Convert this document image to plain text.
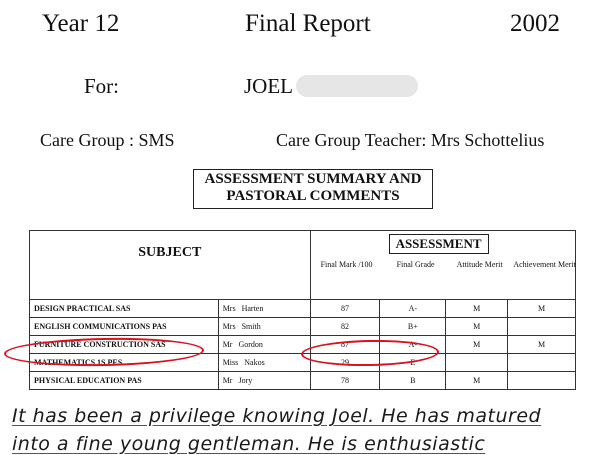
Year 12	Final Report	2002
For:	JOEL
Care Group : SMS	Care Group Teacher: Mrs Schottelius
ASSESSMENT SUMMARY AND
PASTORAL COMMENTS
SUBJECT		ASSESSMENT
Final Mark /100 Final Grade Attitude Merit Achievement Merit			

DESIGN PRACTICAL SAS	Mrs Harten	87	A-	M	M
ENGLISH COMMUNICATIONS PAS	Mrs Smith	82	B+	M	
FURNITURE CONSTRUCTION SAS	Mr Gordon	87	A-	M	M
MATHEMATICS 1S PES	Miss Nakos	29	E		
PHYSICAL EDUCATION PAS	Mr Jory	78	B	M	
It has been a privilege knowing Joel. He has matured
into a fine young gentleman. He is enthusiastic
